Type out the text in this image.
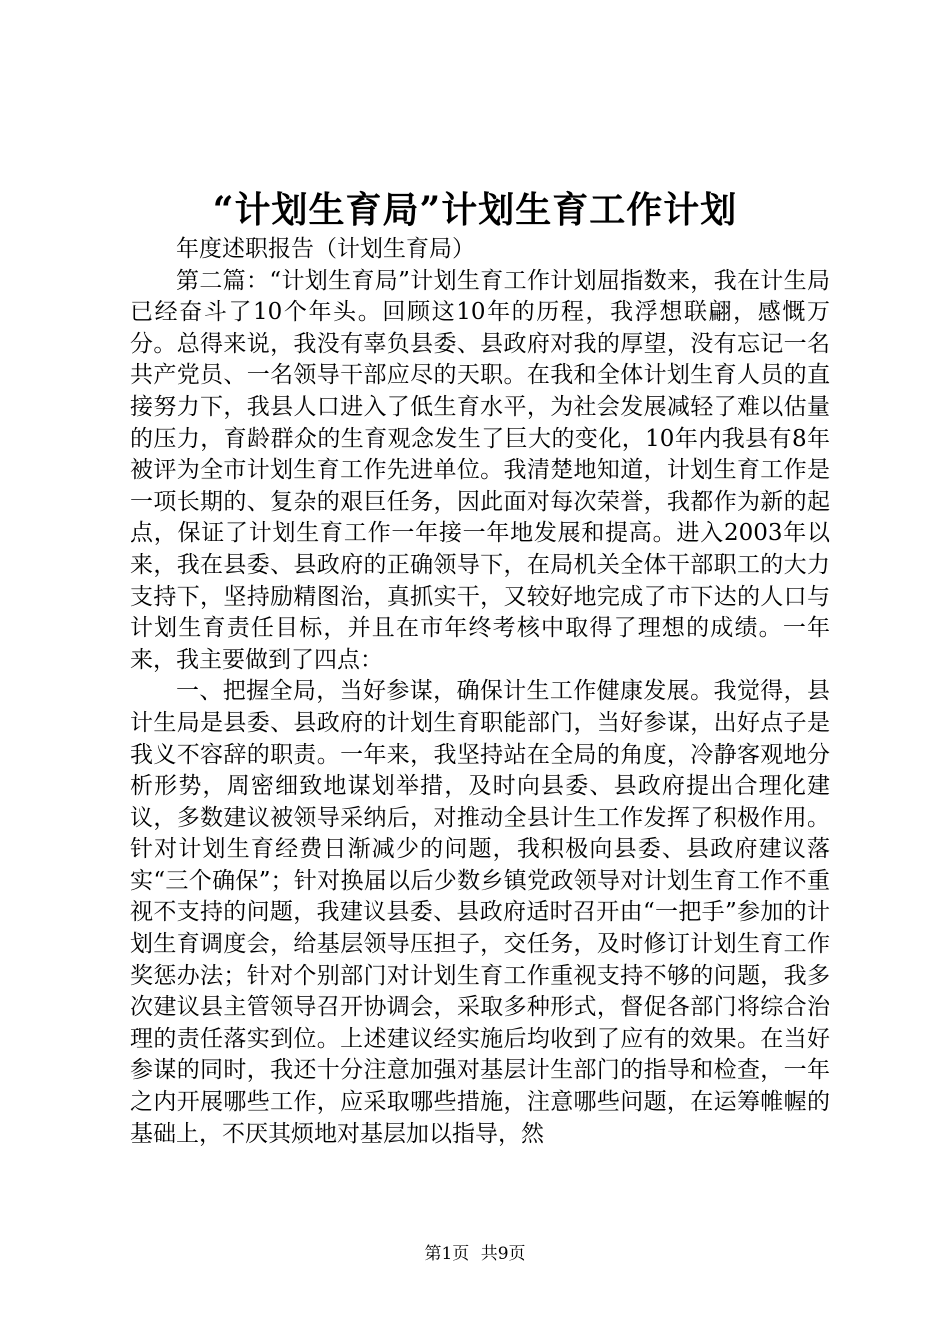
“计划生育局”计划生育工作计划

年度述职报告（计划生育局）

第二篇：“计划生育局”计划生育工作计划屈指数来，我在计生局已经奋斗了10个年头。回顾这10年的历程，我浮想联翩，感慨万分。总得来说，我没有辜负县委、县政府对我的厚望，没有忘记一名共产党员、一名领导干部应尽的天职。在我和全体计划生育人员的直接努力下，我县人口进入了低生育水平，为社会发展减轻了难以估量的压力，育龄群众的生育观念发生了巨大的变化，10年内我县有8年被评为全市计划生育工作先进单位。我清楚地知道，计划生育工作是一项长期的、复杂的艰巨任务，因此面对每次荣誉，我都作为新的起点，保证了计划生育工作一年接一年地发展和提高。进入2003年以来，我在县委、县政府的正确领导下，在局机关全体干部职工的大力支持下，坚持励精图治，真抓实干，又较好地完成了市下达的人口与计划生育责任目标，并且在市年终考核中取得了理想的成绩。一年来，我主要做到了四点：

一、把握全局，当好参谋，确保计生工作健康发展。我觉得，县计生局是县委、县政府的计划生育职能部门，当好参谋，出好点子是我义不容辞的职责。一年来，我坚持站在全局的角度，冷静客观地分析形势，周密细致地谋划举措，及时向县委、县政府提出合理化建议，多数建议被领导采纳后，对推动全县计生工作发挥了积极作用。针对计划生育经费日渐减少的问题，我积极向县委、县政府建议落实“三个确保”；针对换届以后少数乡镇党政领导对计划生育工作不重视不支持的问题，我建议县委、县政府适时召开由“一把手”参加的计划生育调度会，给基层领导压担子，交任务，及时修订计划生育工作奖惩办法；针对个别部门对计划生育工作重视支持不够的问题，我多次建议县主管领导召开协调会，采取多种形式，督促各部门将综合治理的责任落实到位。上述建议经实施后均收到了应有的效果。在当好参谋的同时，我还十分注意加强对基层计生部门的指导和检查，一年之内开展哪些工作，应采取哪些措施，注意哪些问题，在运筹帷幄的基础上，不厌其烦地对基层加以指导，然

第1页 共9页
